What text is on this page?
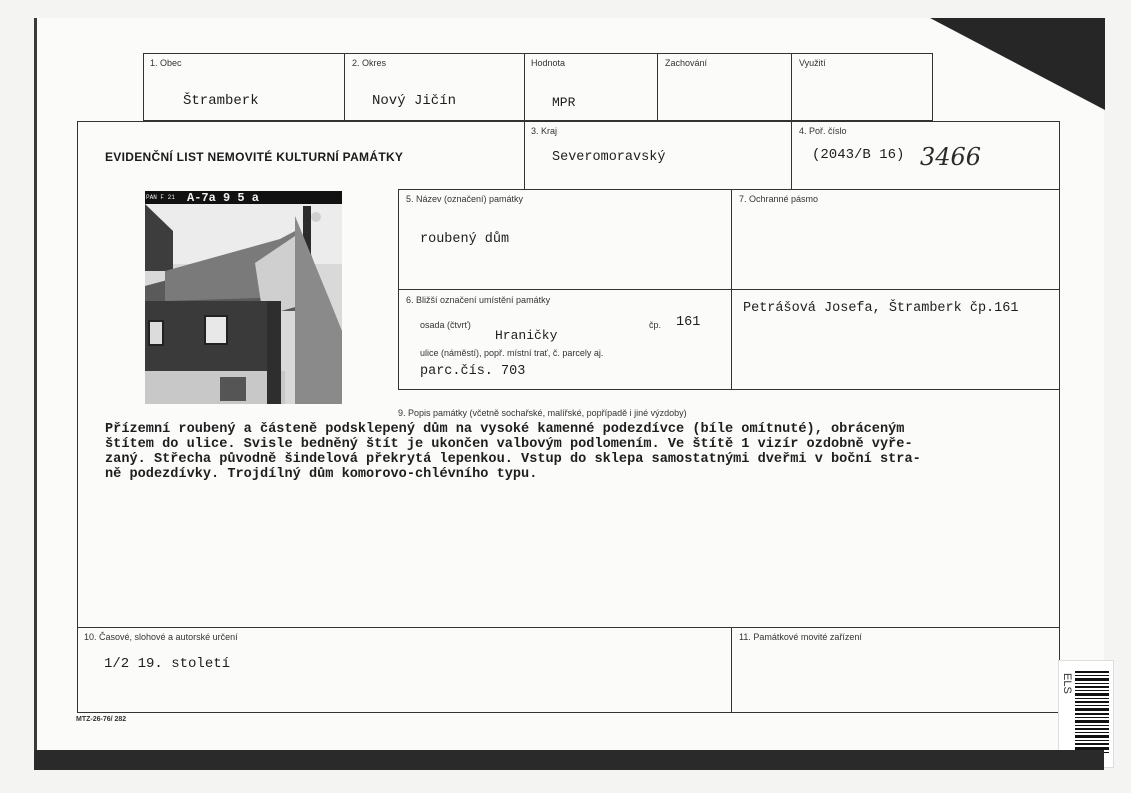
1. Obec
Štramberk
2. Okres
Nový Jičín
Hodnota
MPR
Zachování	Využití
EVIDENČNÍ LIST NEMOVITÉ KULTURNÍ PAMÁTKY
3. Kraj
Severomoravský
4. Poř. číslo
(2043/B 16) 3466
PAN F 21 A-7a 9 5 a	5. Název (označení) památky
roubený dům
7. Ochranné pásmo
6. Bližší označení umístění památky
osada (čtvrť)
Hraničky
čp. 161
ulice (náměstí), popř. místní trať, č. parcely aj.
parc.čís. 703
Petrášová Josefa, Štramberk čp.161
9. Popis památky (včetně sochařské, malířské, popřípadě i jiné výzdoby)
Přízemní roubený a částeně podsklepený dům na vysoké kamenné podezdívce (bíle omítnuté), obráceným
štítem do ulice. Svisle bedněný štít je ukončen valbovým podlomením. Ve štítě 1 vizír ozdobně vyře-
zaný. Střecha původně šindelová překrytá lepenkou. Vstup do sklepa samostatnými dveřmi v boční stra-
ně podezdívky. Trojdílný dům komorovo-chlévního typu.
10. Časové, slohové a autorské určení
1/2 19. století
11. Památkové movité zařízení
MTZ-26-76/ 282
ELS
